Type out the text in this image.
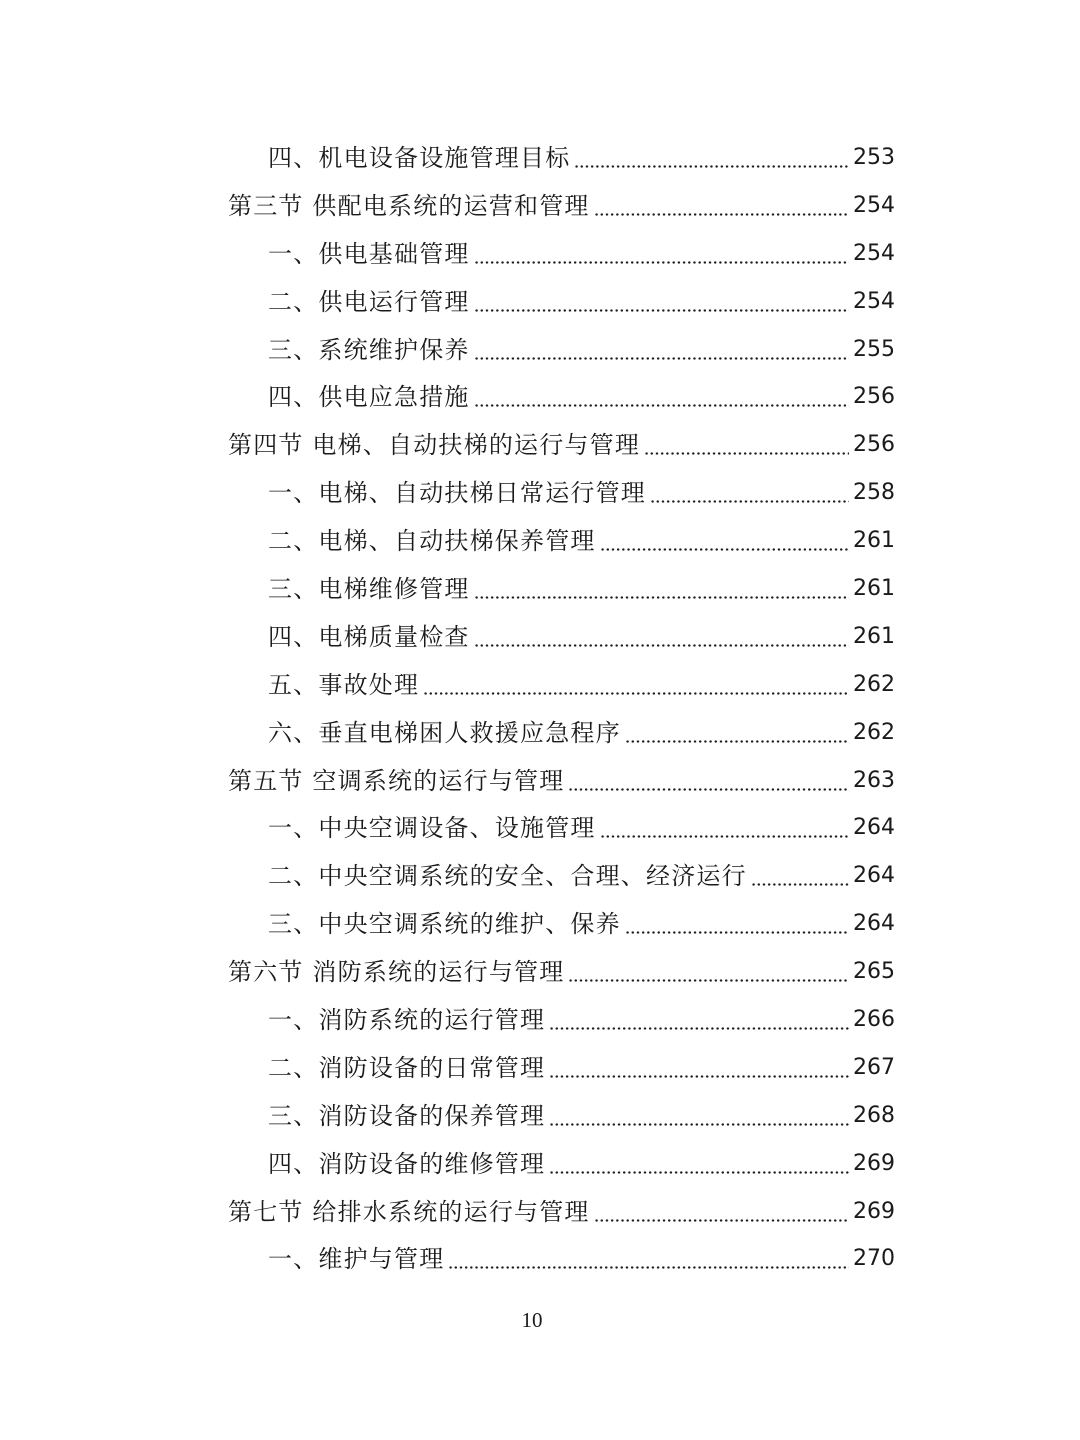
四、机电设备设施管理目标	253
第三节 供配电系统的运营和管理	254
一、供电基础管理	254
二、供电运行管理	254
三、系统维护保养	255
四、供电应急措施	256
第四节 电梯、自动扶梯的运行与管理	256
一、电梯、自动扶梯日常运行管理	258
二、电梯、自动扶梯保养管理	261
三、电梯维修管理	261
四、电梯质量检查	261
五、事故处理	262
六、垂直电梯困人救援应急程序	262
第五节 空调系统的运行与管理	263
一、中央空调设备、设施管理	264
二、中央空调系统的安全、合理、经济运行	264
三、中央空调系统的维护、保养	264
第六节 消防系统的运行与管理	265
一、消防系统的运行管理	266
二、消防设备的日常管理	267
三、消防设备的保养管理	268
四、消防设备的维修管理	269
第七节 给排水系统的运行与管理	269
一、维护与管理	270
10
